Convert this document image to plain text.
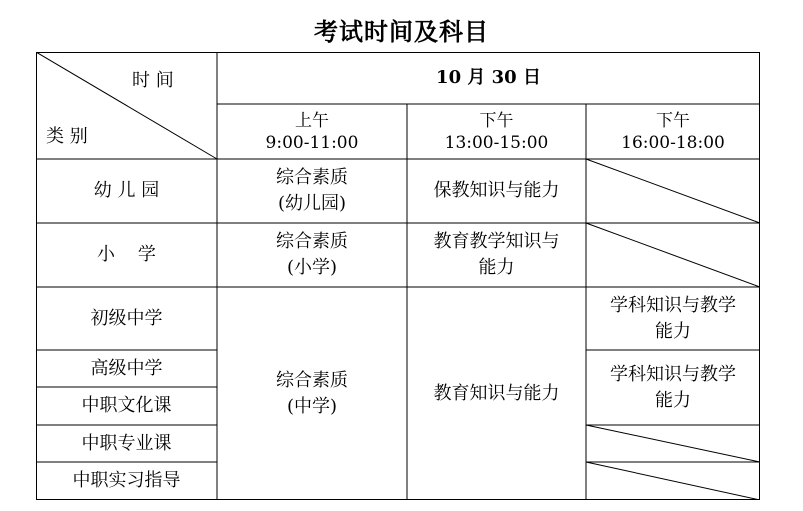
考试时间及科目
时 间
类 别
10 月 30 日
上午
9:00-11:00
下午
13:00-15:00
下午
16:00-18:00
幼 儿 园
小    学
初级中学
高级中学
中职文化课
中职专业课
中职实习指导
综合素质
(幼儿园)
保教知识与能力
综合素质
(小学)
教育教学知识与
能力
综合素质
(中学)
教育知识与能力
学科知识与教学
能力
学科知识与教学
能力
